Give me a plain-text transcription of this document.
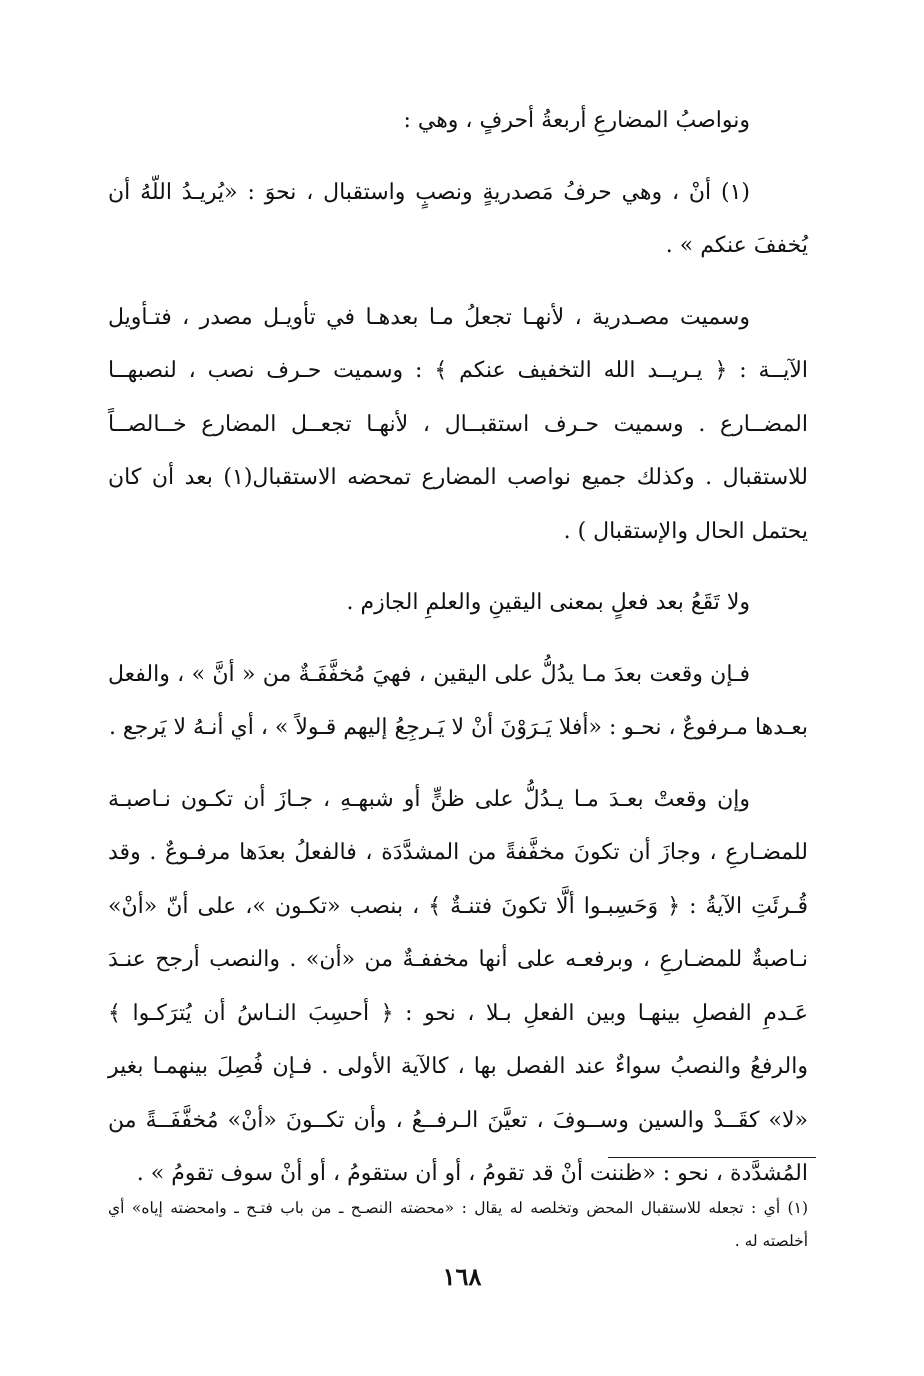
ونواصبُ المضارعِ أربعةُ أحرفٍ ، وهي :

(١) أنْ ، وهي حرفُ مَصدريةٍ ونصبٍ واستقبال ، نحوَ : «يُريـدُ اللّهُ أن يُخففَ عنكم » .

وسميت مصـدرية ، لأنهـا تجعلُ مـا بعدهـا في تأويـل مصدر ، فتـأويل الآيــة : ﴿ يـريــد الله التخفيف عنكم ﴾ : وسميت حـرف نصب ، لنصبهــا المضــارع . وسميت حـرف استقبــال ، لأنهـا تجعــل المضارع خــالصــاً للاستقبال . وكذلك جميع نواصب المضارع تمحضه الاستقبال(١) بعد أن كان يحتمل الحال والإستقبال ) .

ولا تَقَعُ بعد فعلٍ بمعنى اليقينِ والعلمِ الجازم .

فـإن وقعت بعدَ مـا يدُلُّ على اليقين ، فهيَ مُخفَّفَـةٌ من « أنَّ » ، والفعل بعـدها مـرفوعٌ ، نحـو : «أفلا يَـرَوْنَ أنْ لا يَـرجِعُ إليهم قـولاً » ، أي أنـهُ لا يَرجع .

وإن وقعتْ بعـدَ مـا يـدُلُّ على ظنٍّ أو شبهـهِ ، جـازَ أن تكـون نـاصبـة للمضـارعِ ، وجازَ أن تكونَ مخفَّفةً من المشدَّدَة ، فالفعلُ بعدَها مرفـوعٌ . وقد قُـرئَتِ الآيةُ : ﴿ وَحَسِبـوا ألَّا تكونَ فتنـةٌ ﴾ ، بنصب «تكـون »، على أنّ «أنْ» نـاصبةٌ للمضـارعِ ، وبرفعـه على أنها مخففـةٌ من «أن» . والنصب أرجح عنـدَ عَـدمِ الفصلِ بينهـا وبين الفعلِ بـلا ، نحو : ﴿ أحسِبَ النـاسُ أن يُترَكـوا ﴾ والرفعُ والنصبُ سواءٌ عند الفصل بها ، كالآية الأولى . فـإن فُصِلَ بينهمـا بغير «لا» كقَــدْ والسين وســوفَ ، تعيَّنَ الـرفــعُ ، وأن تكــونَ «أنْ» مُخفَّفَــةً من المُشدَّدة ، نحو : «ظننت أنْ قد تقومُ ، أو أن ستقومُ ، أو أنْ سوف تقومُ » .

(١) أي : تجعله للاستقبال المحض وتخلصه له يقال : «محضته النصـح ـ من باب فتـح ـ وامحضته إياه» أي أخلصته له .

١٦٨
